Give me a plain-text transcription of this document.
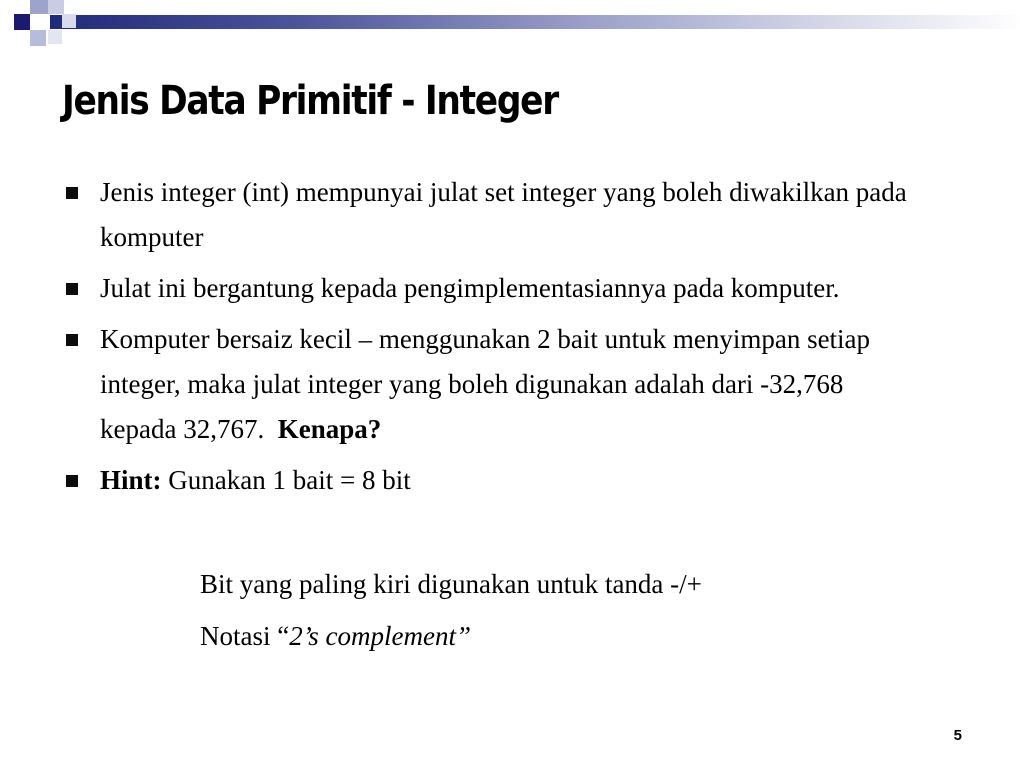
Jenis Data Primitif - Integer
Jenis integer (int) mempunyai julat set integer yang boleh diwakilkan pada komputer
Julat ini bergantung kepada pengimplementasiannya pada komputer.
Komputer bersaiz kecil – menggunakan 2 bait untuk menyimpan setiap integer, maka julat integer yang boleh digunakan adalah dari -32,768 kepada 32,767.  Kenapa?
Hint: Gunakan 1 bait = 8 bit
Bit yang paling kiri digunakan untuk tanda -/+
Notasi “2’s complement”
5
